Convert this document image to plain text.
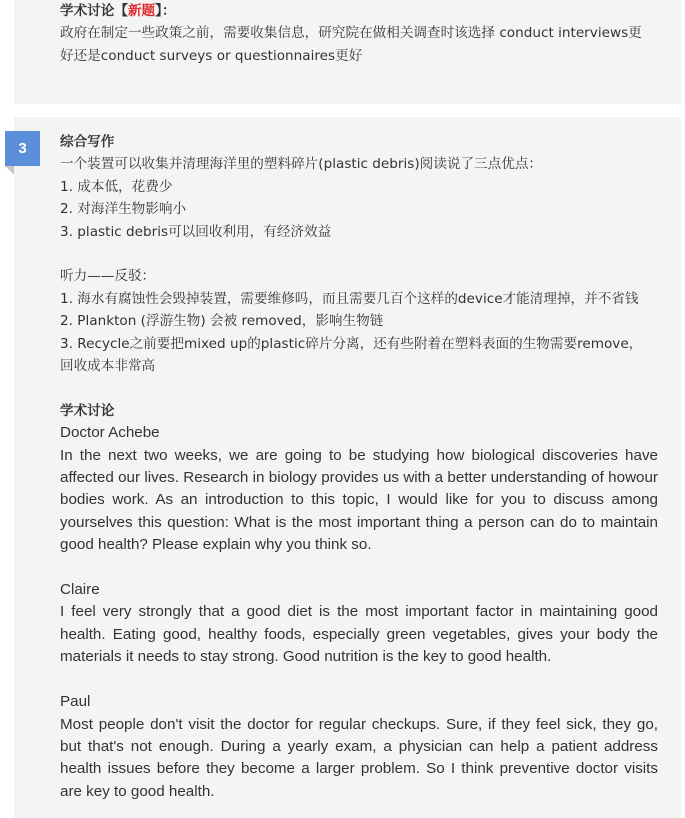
学术讨论【新题】：
政府在制定一些政策之前，需要收集信息，研究院在做相关调查时该选择 conduct interviews更
好还是conduct surveys or questionnaires更好
综合写作
一个装置可以收集并清理海洋里的塑料碎片(plastic debris)阅读说了三点优点：
1. 成本低，花费少
2. 对海洋生物影响小
3. plastic debris可以回收利用，有经济效益
听力——反驳：
1. 海水有腐蚀性会毁掉装置，需要维修吗，而且需要几百个这样的device才能清理掉，并不省钱
2. Plankton (浮游生物) 会被 removed，影响生物链
3. Recycle之前要把mixed up的plastic碎片分离，还有些附着在塑料表面的生物需要remove，
回收成本非常高
学术讨论
Doctor Achebe
In the next two weeks, we are going to be studying how biological discoveries have affected our lives. Research in biology provides us with a better understanding of howour bodies work. As an introduction to this topic, I would like for you to discuss among yourselves this question: What is the most important thing a person can do to maintain good health? Please explain why you think so.
Claire
I feel very strongly that a good diet is the most important factor in maintaining good health. Eating good, healthy foods, especially green vegetables, gives your body the materials it needs to stay strong. Good nutrition is the key to good health.
Paul
Most people don't visit the doctor for regular checkups. Sure, if they feel sick, they go, but that's not enough. During a yearly exam, a physician can help a patient address health issues before they become a larger problem. So I think preventive doctor visits are key to good health.
3
